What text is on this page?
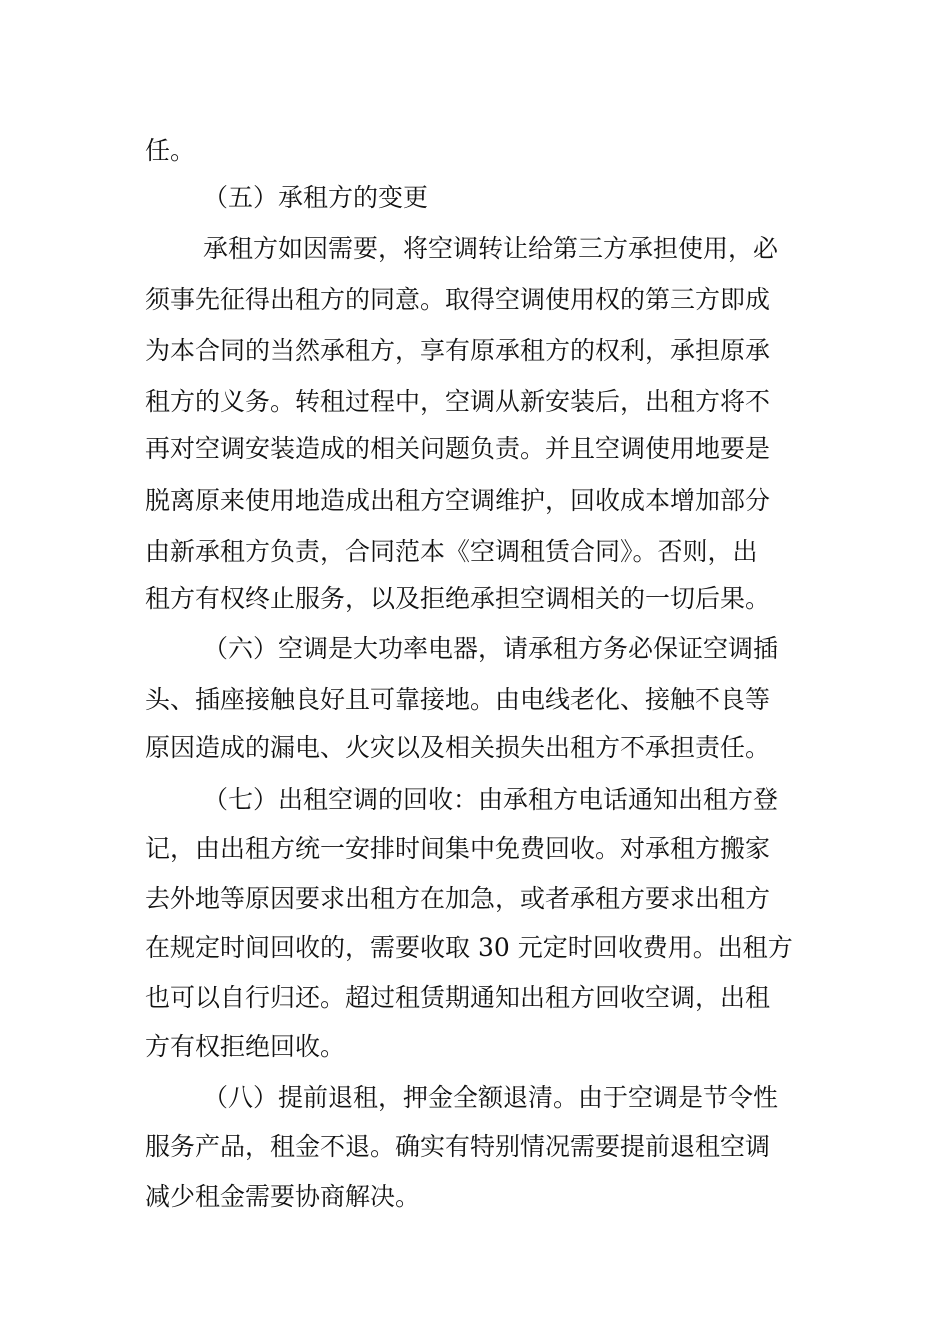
任。

（五）承租方的变更

承租方如因需要，将空调转让给第三方承担使用，必

须事先征得出租方的同意。取得空调使用权的第三方即成

为本合同的当然承租方，享有原承租方的权利，承担原承

租方的义务。转租过程中，空调从新安装后，出租方将不

再对空调安装造成的相关问题负责。并且空调使用地要是

脱离原来使用地造成出租方空调维护，回收成本增加部分

由新承租方负责，合同范本《空调租赁合同》。否则，出

租方有权终止服务，以及拒绝承担空调相关的一切后果。

（六）空调是大功率电器，请承租方务必保证空调插

头、插座接触良好且可靠接地。由电线老化、接触不良等

原因造成的漏电、火灾以及相关损失出租方不承担责任。

（七）出租空调的回收：由承租方电话通知出租方登

记，由出租方统一安排时间集中免费回收。对承租方搬家

去外地等原因要求出租方在加急，或者承租方要求出租方

在规定时间回收的，需要收取 30 元定时回收费用。出租方

也可以自行归还。超过租赁期通知出租方回收空调，出租

方有权拒绝回收。

（八）提前退租，押金全额退清。由于空调是节令性

服务产品，租金不退。确实有特别情况需要提前退租空调

减少租金需要协商解决。
